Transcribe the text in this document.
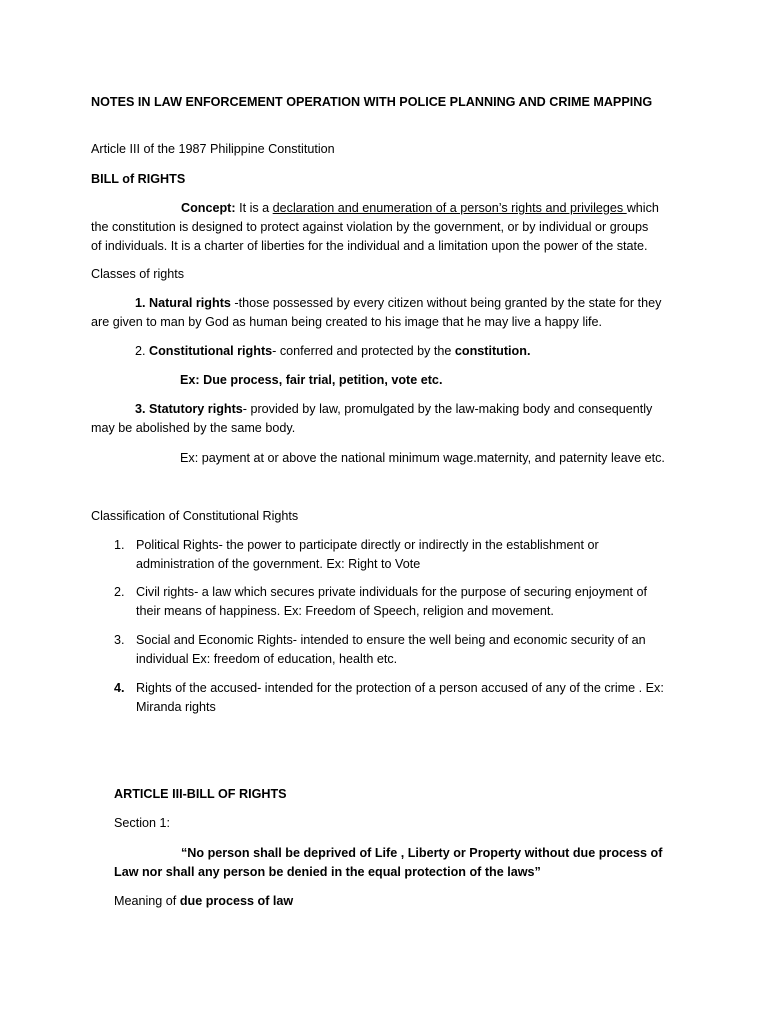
NOTES IN LAW ENFORCEMENT OPERATION WITH POLICE PLANNING AND CRIME MAPPING

Article III of the 1987 Philippine Constitution

BILL of RIGHTS

Concept: It is a declaration and enumeration of a person’s rights and privileges which the constitution is designed to protect against violation by the government, or by individual or groups of individuals. It is a charter of liberties for the individual and a limitation upon the power of the state.

Classes of rights

1. Natural rights -those possessed by every citizen without being granted by the state for they are given to man by God as human being created to his image that he may live a happy life.

2. Constitutional rights- conferred and protected by the constitution.

Ex: Due process, fair trial, petition, vote etc.

3. Statutory rights- provided by law, promulgated by the law-making body and consequently may be abolished by the same body.

Ex: payment at or above the national minimum wage.maternity, and paternity leave etc.

Classification of Constitutional Rights

1. Political Rights- the power to participate directly or indirectly in the establishment or administration of the government. Ex: Right to Vote

2. Civil rights- a law which secures private individuals for the purpose of securing enjoyment of their means of happiness. Ex: Freedom of Speech, religion and movement.

3. Social and Economic Rights- intended to ensure the well being and economic security of an individual Ex: freedom of education, health etc.

4. Rights of the accused- intended for the protection of a person accused of any of the crime . Ex: Miranda rights

ARTICLE III-BILL OF RIGHTS

Section 1:

“No person shall be deprived of Life , Liberty or Property without due process of Law nor shall any person be denied in the equal protection of the laws”

Meaning of due process of law
